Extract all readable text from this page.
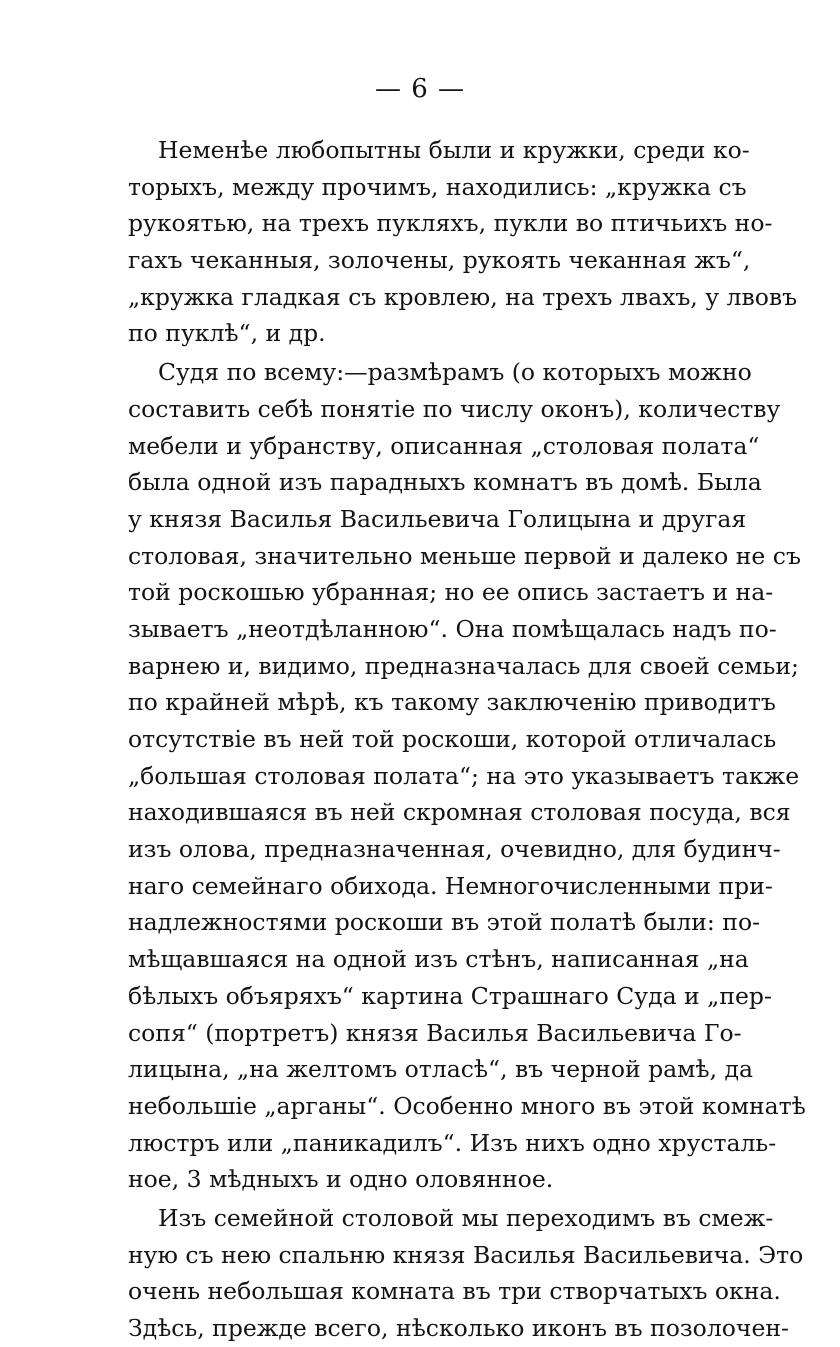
— 6 —
Неменѣе любопытны были и кружки, среди ко-
торыхъ, между прочимъ, находились: „кружка съ
рукоятью, на трехъ пукляхъ, пукли во птичьихъ но-
гахъ чеканныя, золочены, рукоять чеканная жъ“,
„кружка гладкая съ кровлею, на трехъ лвахъ, у лвовъ
по пуклѣ“, и др.
Судя по всему:—размѣрамъ (о которыхъ можно
составить себѣ понятіе по числу оконъ), количеству
мебели и убранству, описанная „столовая полата“
была одной изъ парадныхъ комнатъ въ домѣ. Была
у князя Василья Васильевича Голицына и другая
столовая, значительно меньше первой и далеко не съ
той роскошью убранная; но ее опись застаетъ и на-
зываетъ „неотдѣланною“. Она помѣщалась надъ по-
варнею и, видимо, предназначалась для своей семьи;
по крайней мѣрѣ, къ такому заключенію приводитъ
отсутствіе въ ней той роскоши, которой отличалась
„большая столовая полата“; на это указываетъ также
находившаяся въ ней скромная столовая посуда, вся
изъ олова, предназначенная, очевидно, для будинч-
наго семейнаго обихода. Немногочисленными при-
надлежностями роскоши въ этой полатѣ были: по-
мѣщавшаяся на одной изъ стѣнъ, написанная „на
бѣлыхъ объяряхъ“ картина Страшнаго Суда и „пер-
сопя“ (портретъ) князя Василья Васильевича Го-
лицына, „на желтомъ отласѣ“, въ черной рамѣ, да
небольшіе „арганы“. Особенно много въ этой комнатѣ
люстръ или „паникадилъ“. Изъ нихъ одно хрусталь-
ное, 3 мѣдныхъ и одно оловянное.
Изъ семейной столовой мы переходимъ въ смеж-
ную съ нею спальню князя Василья Васильевича. Это
очень небольшая комната въ три створчатыхъ окна.
Здѣсь, прежде всего, нѣсколько иконъ въ позолочен-
